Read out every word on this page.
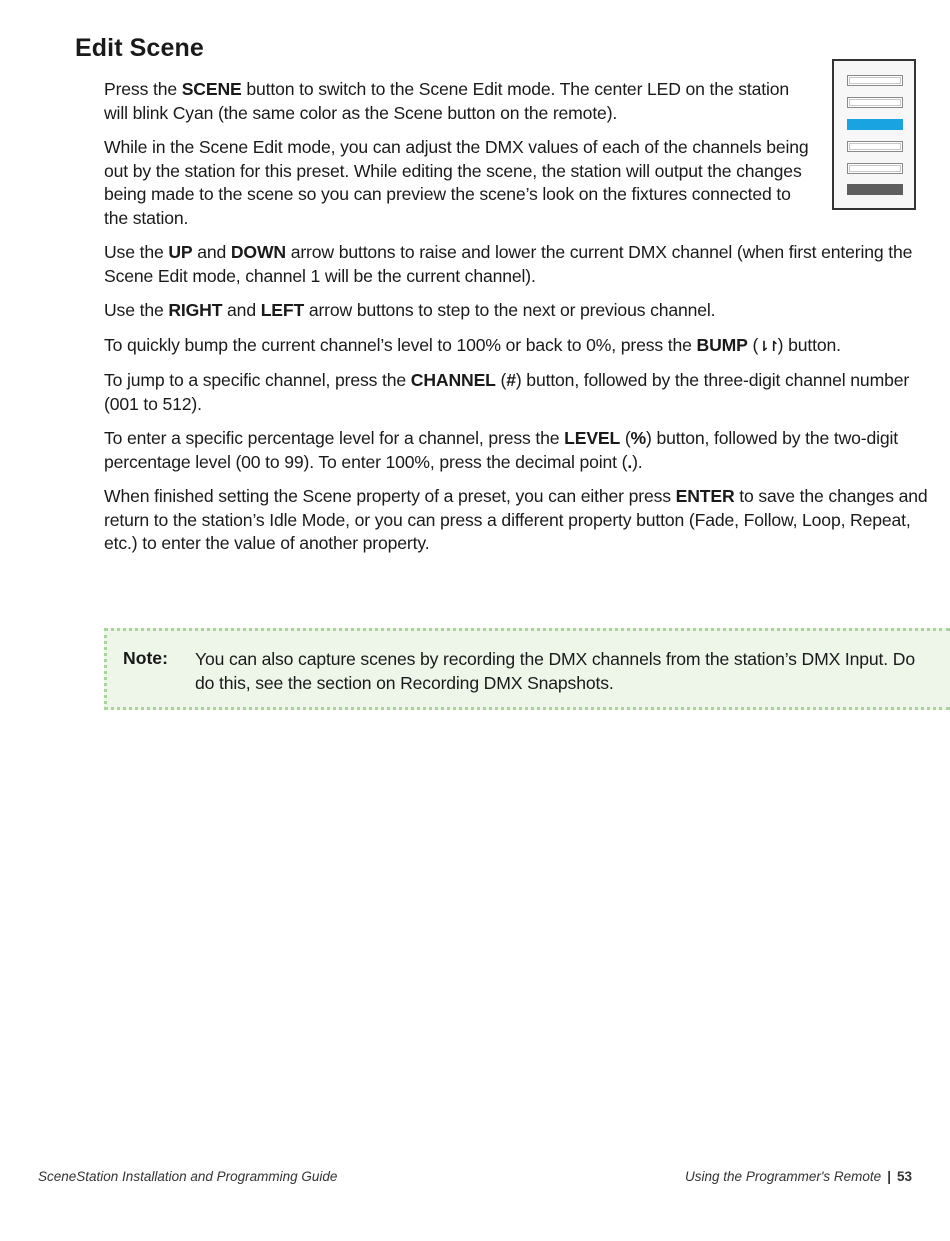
Edit Scene

Press the SCENE button to switch to the Scene Edit mode. The center LED on the station will blink Cyan (the same color as the Scene button on the remote).

While in the Scene Edit mode, you can adjust the DMX values of each of the channels being out by the station for this preset. While editing the scene, the station will output the changes being made to the scene so you can preview the scene’s look on the fixtures connected to the station.

Use the UP and DOWN arrow buttons to raise and lower the current DMX channel (when first entering the Scene Edit mode, channel 1 will be the current channel).

Use the RIGHT and LEFT arrow buttons to step to the next or previous channel.

To quickly bump the current channel’s level to 100% or back to 0%, press the BUMP (⇂↾) button.

To jump to a specific channel, press the CHANNEL (#) button, followed by the three-digit channel number (001 to 512).

To enter a specific percentage level for a channel, press the LEVEL (%) button, followed by the two-digit percentage level (00 to 99). To enter 100%, press the decimal point (.).

When finished setting the Scene property of a preset, you can either press ENTER to save the changes and return to the station’s Idle Mode, or you can press a different property button (Fade, Follow, Loop, Repeat, etc.) to enter the value of another property.

Note: You can also capture scenes by recording the DMX channels from the station’s DMX Input. Do do this, see the section on Recording DMX Snapshots.

SceneStation Installation and Programming Guide	Using the Programmer's Remote | 53
